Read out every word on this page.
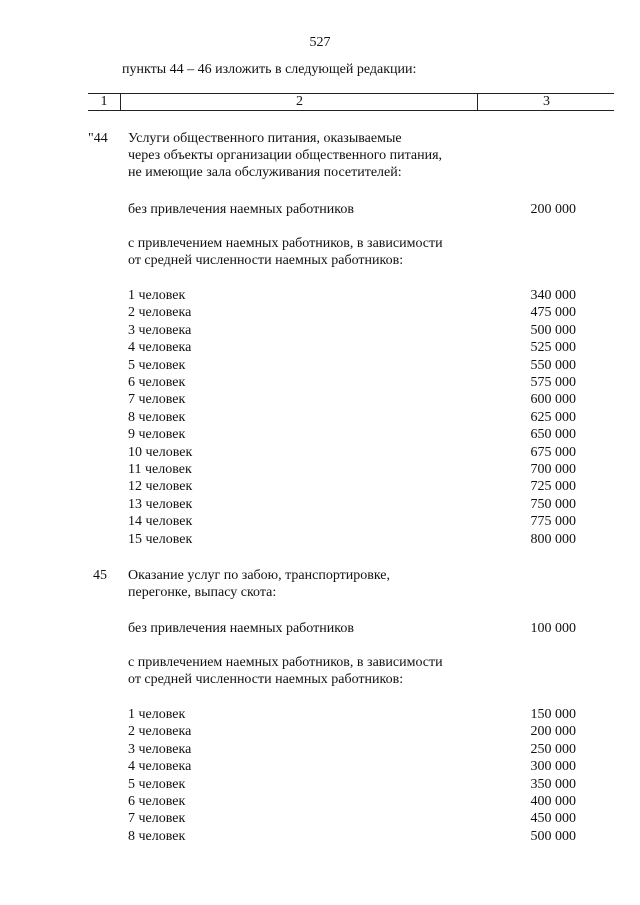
527
пункты 44 – 46 изложить в следующей редакции:
1	2	3
"44 Услуги общественного питания, оказываемые
через объекты организации общественного питания,
не имеющие зала обслуживания посетителей:
без привлечения наемных работников	200 000
с привлечением наемных работников, в зависимости
от средней численности наемных работников:
1 человек	340 000
2 человека	475 000
3 человека	500 000
4 человека	525 000
5 человек	550 000
6 человек	575 000
7 человек	600 000
8 человек	625 000
9 человек	650 000
10 человек	675 000
11 человек	700 000
12 человек	725 000
13 человек	750 000
14 человек	775 000
15 человек	800 000
45 Оказание услуг по забою, транспортировке,
перегонке, выпасу скота:
без привлечения наемных работников	100 000
с привлечением наемных работников, в зависимости
от средней численности наемных работников:
1 человек	150 000
2 человека	200 000
3 человека	250 000
4 человека	300 000
5 человек	350 000
6 человек	400 000
7 человек	450 000
8 человек	500 000
